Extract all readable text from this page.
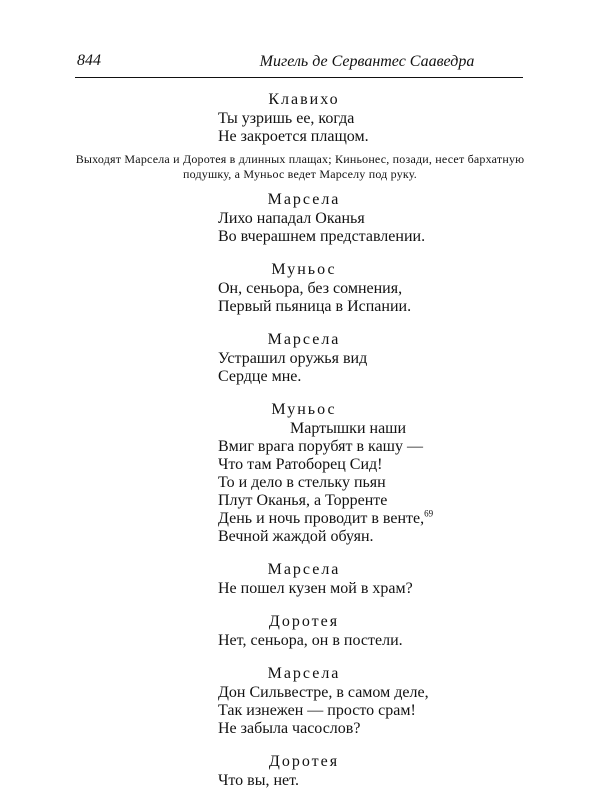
844	Мигель де Сервантес Сааведра
Клавихо
Ты узришь ее, когда
Не закроется плащом.
Выходят Марсела и Доротея в длинных плащах; Киньонес, позади, несет бархатную подушку, а Муньос ведет Марселу под руку.
Марсела
Лихо нападал Оканья
Во вчерашнем представлении.
Муньос
Он, сеньора, без сомнения,
Первый пьяница в Испании.
Марсела
Устрашил оружья вид
Сердце мне.
Муньос
Мартышки наши
Вмиг врага порубят в кашу —
Что там Ратоборец Сид!
То и дело в стельку пьян
Плут Оканья, а Торренте
День и ночь проводит в венте,$^{69}$
Вечной жаждой обуян.
Марсела
Не пошел кузен мой в храм?
Доротея
Нет, сеньора, он в постели.
Марсела
Дон Сильвестре, в самом деле,
Так изнежен — просто срам!
Не забыла часослов?
Доротея
Что вы, нет.
